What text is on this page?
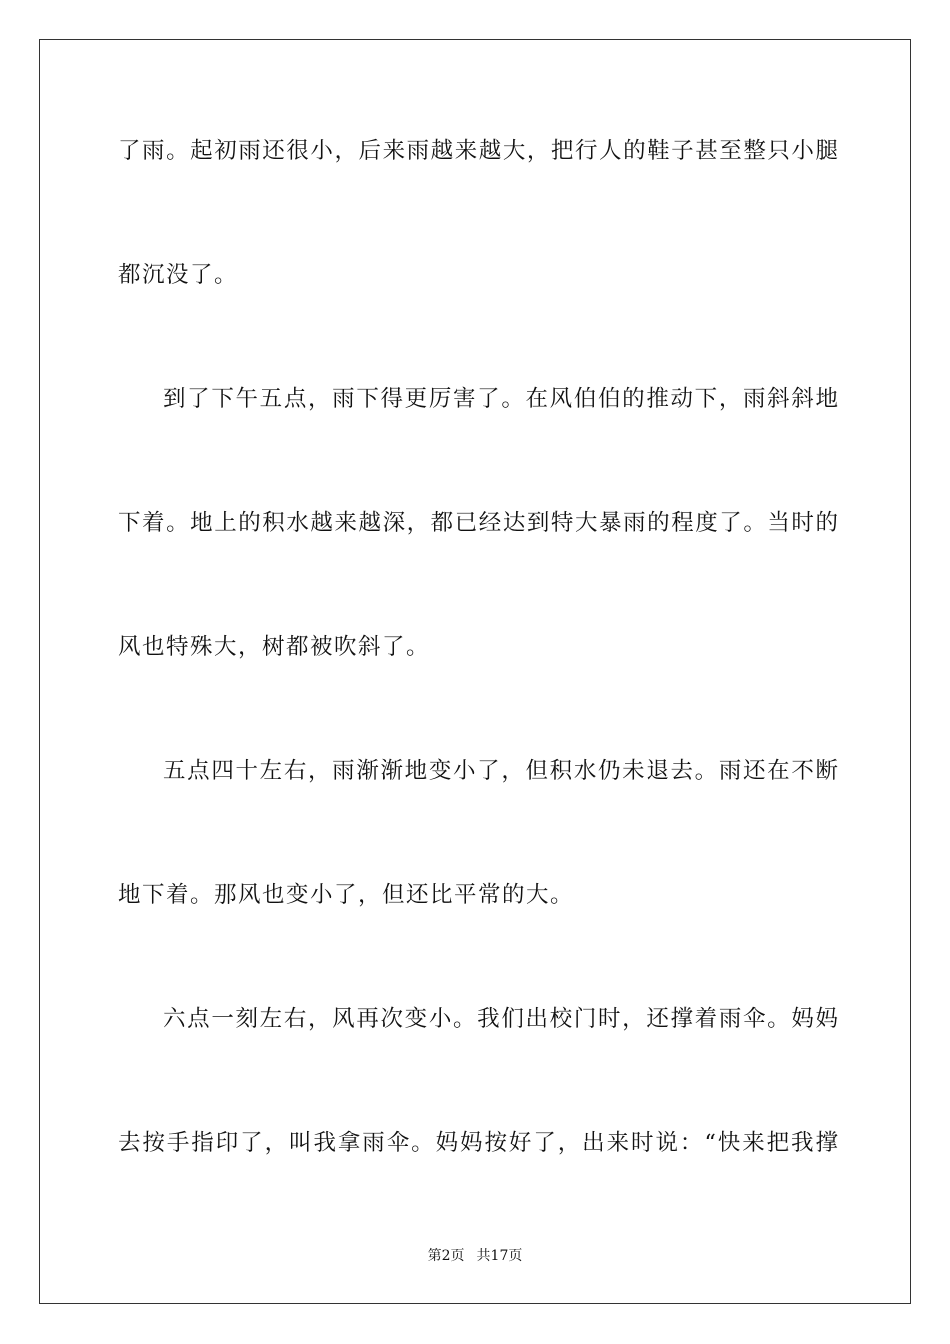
了雨。起初雨还很小，后来雨越来越大，把行人的鞋子甚至整只小腿
都沉没了。
到了下午五点，雨下得更厉害了。在风伯伯的推动下，雨斜斜地
下着。地上的积水越来越深，都已经达到特大暴雨的程度了。当时的
风也特殊大，树都被吹斜了。
五点四十左右，雨渐渐地变小了，但积水仍未退去。雨还在不断
地下着。那风也变小了，但还比平常的大。
六点一刻左右，风再次变小。我们出校门时，还撑着雨伞。妈妈
去按手指印了，叫我拿雨伞。妈妈按好了，出来时说：“快来把我撑
第2页 共17页
